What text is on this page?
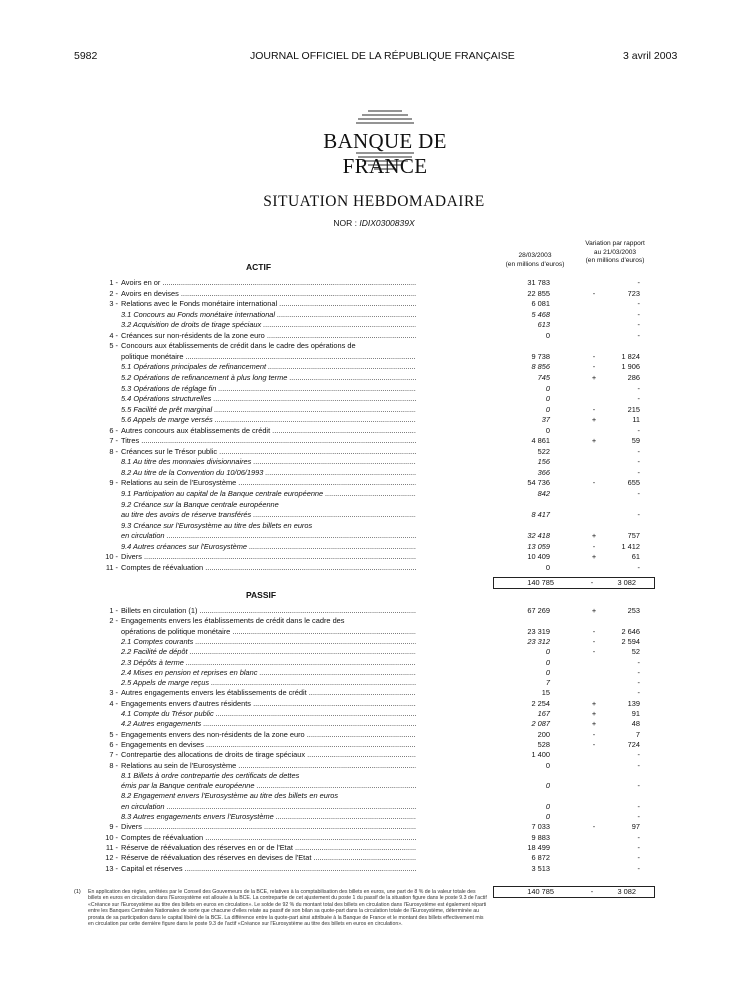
5982	JOURNAL OFFICIEL DE LA RÉPUBLIQUE FRANÇAISE	3 avril 2003
BANQUE DE FRANCE
SITUATION HEBDOMADAIRE
NOR : IDIX0300839X
28/03/2003
(en millions d'euros)
Variation par rapport
au 21/03/2003
(en millions d'euros)
ACTIF
1 - Avoirs en or .....	31 783	-
2 - Avoirs en devises .....	22 855	-	723
3 - Relations avec le Fonds monétaire international .....	6 081	-
3.1 Concours au Fonds monétaire international .....	5 468	-
3.2 Acquisition de droits de tirage spéciaux .....	613	-
4 - Créances sur non-résidents de la zone euro .....	0	-
5 - Concours aux établissements de crédit dans le cadre des opérations de
politique monétaire .....	9 738	-	1 824
5.1 Opérations principales de refinancement .....	8 856	-	1 906
5.2 Opérations de refinancement à plus long terme .....	745	+	286
5.3 Opérations de réglage fin .....	0	-
5.4 Opérations structurelles .....	0	-
5.5 Facilité de prêt marginal .....	0	-	215
5.6 Appels de marge versés .....	37	+	11
6 - Autres concours aux établissements de crédit .....	0	-
7 - Titres .....	4 861	+	59
8 - Créances sur le Trésor public .....	522	-
8.1 Au titre des monnaies divisionnaires .....	156	-
8.2 Au titre de la Convention du 10/06/1993 .....	366	-
9 - Relations au sein de l'Eurosystème .....	54 736	-	655
9.1 Participation au capital de la Banque centrale européenne .....	842	-
9.2 Créance sur la Banque centrale européenne
au titre des avoirs de réserve transférés .....	8 417	-
9.3 Créance sur l'Eurosystème au titre des billets en euros
en circulation .....	32 418	+	757
9.4 Autres créances sur l'Eurosystème .....	13 059	-	1 412
10 - Divers .....	10 409	+	61
11 - Comptes de réévaluation .....	0	-
140 785	-	3 082
PASSIF
1 - Billets en circulation (1) .....	67 269	+	253
2 - Engagements envers les établissements de crédit dans le cadre des
opérations de politique monétaire .....	23 319	-	2 646
2.1 Comptes courants .....	23 312	-	2 594
2.2 Facilité de dépôt .....	0	-	52
2.3 Dépôts à terme .....	0	-
2.4 Mises en pension et reprises en blanc .....	0	-
2.5 Appels de marge reçus .....	7	-
3 - Autres engagements envers les établissements de crédit .....	15	-
4 - Engagements envers d'autres résidents .....	2 254	+	139
4.1 Compte du Trésor public .....	167	+	91
4.2 Autres engagements .....	2 087	+	48
5 - Engagements envers des non-résidents de la zone euro .....	200	-	7
6 - Engagements en devises .....	528	-	724
7 - Contrepartie des allocations de droits de tirage spéciaux .....	1 400	-
8 - Relations au sein de l'Eurosystème .....	0	-
8.1 Billets à ordre contrepartie des certificats de dettes
émis par la Banque centrale européenne .....	0	-
8.2 Engagement envers l'Eurosystème au titre des billets en euros
en circulation .....	0	-
8.3 Autres engagements envers l'Eurosystème .....	0	-
9 - Divers .....	7 033	-	97
10 - Comptes de réévaluation .....	9 883	-
11 - Réserve de réévaluation des réserves en or de l'Etat .....	18 499	-
12 - Réserve de réévaluation des réserves en devises de l'Etat .....	6 872	-
13 - Capital et réserves .....	3 513	-
140 785	-	3 082
(1) En application des règles, arrêtées par le Conseil des Gouverneurs de la BCE, relatives à la comptabilisation des billets en euros, une part de 8 % de la valeur totale des billets en euros en circulation dans l'Eurosystème est allouée à la BCE. La contrepartie de cet ajustement du poste 1 du passif de la situation figure dans le poste 9.3 de l'actif «Créance sur l'Eurosystème au titre des billets en euros en circulation». Le solde de 92 % du montant total des billets en circulation dans l'Eurosystème est également réparti entre les Banques Centrales Nationales de sorte que chacune d'elles relate au passif de son bilan sa quote-part dans la circulation totale de l'Eurosystème, déterminée au prorata de sa participation dans le capital libéré de la BCE. La différence entre la quote-part ainsi attribuée à la Banque de France et le montant des billets effectivement mis en circulation par cette dernière figure dans le poste 9.3 de l'actif «Créance sur l'Eurosystème au titre des billets en euros en circulation».
